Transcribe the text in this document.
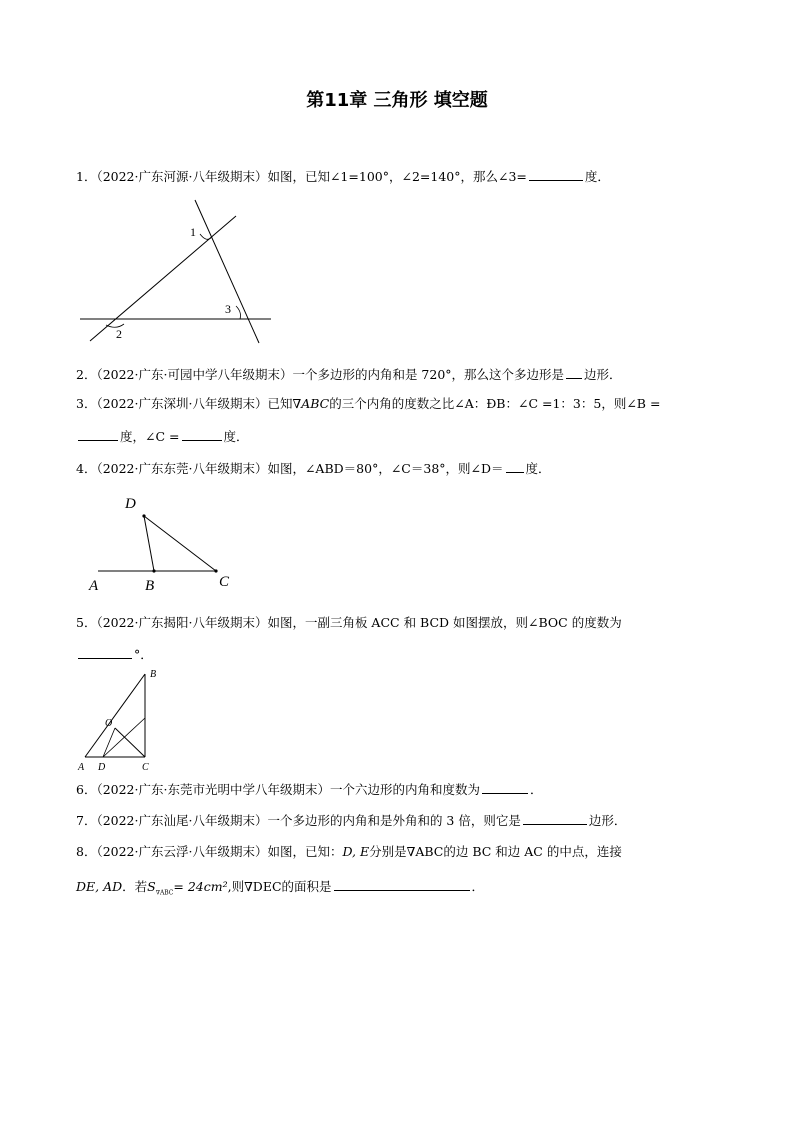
第11章 三角形 填空题
1．（2022·广东河源·八年级期末）如图，已知∠1=100°，∠2=140°，那么∠3=	度．
1
3
2
2．（2022·广东·可园中学八年级期末）一个多边形的内角和是 720°，那么这个多边形是 边形．
3．（2022·广东深圳·八年级期末）已知∇ABC的三个内角的度数之比∠A：ÐB：∠C =1：3：5，则∠B =
度，∠C =	度．
4．（2022·广东东莞·八年级期末）如图，∠ABD＝80°，∠C＝38°，则∠D＝ 度．
D
A	B	C
5．（2022·广东揭阳·八年级期末）如图，一副三角板 ACC 和 BCD 如图摆放，则∠BOC 的度数为
°．
B
O
A D	C
6．（2022·广东·东莞市光明中学八年级期末）一个六边形的内角和度数为	．
7．（2022·广东汕尾·八年级期末）一个多边形的内角和是外角和的 3 倍，则它是	边形．
8．（2022·广东云浮·八年级期末）如图，已知：D, E分别是∇ABC的边 BC 和边 AC 的中点，连接
DE, AD．若$S_{\nabla ABC}= 24cm^2$,则∇DEC的面积是	．
